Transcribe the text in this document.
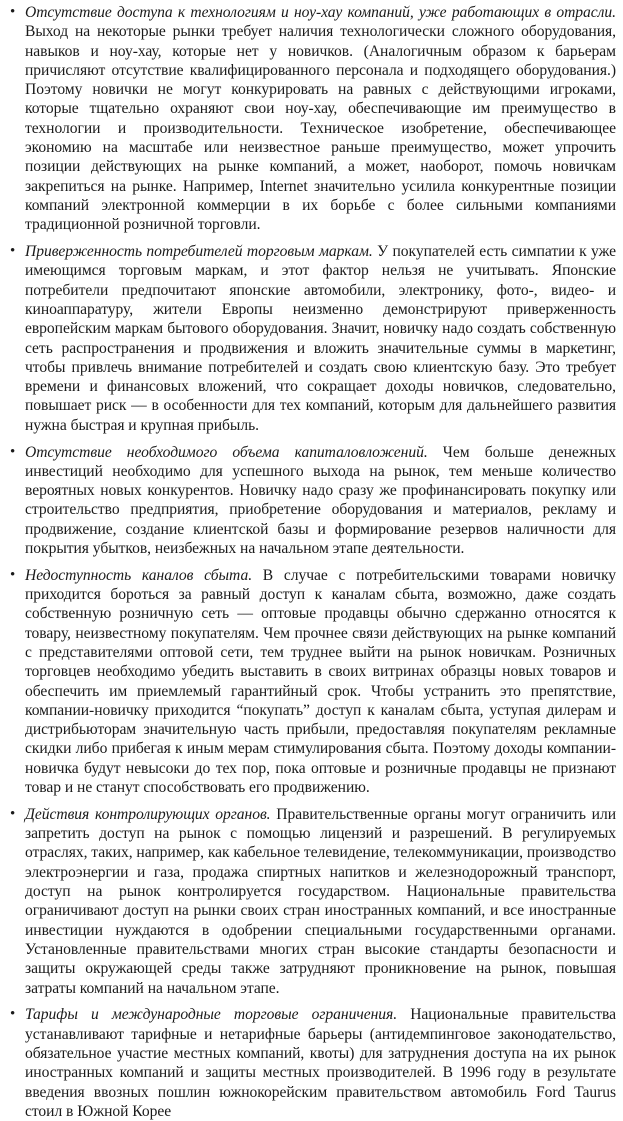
• Отсутствие доступа к технологиям и ноу-хау компаний, уже работающих в отрасли. Выход на некоторые рынки требует наличия технологически сложного оборудования, навыков и ноу-хау, которые нет у новичков. (Аналогичным образом к барьерам причисляют отсутствие квалифицированного персонала и подходящего оборудования.) Поэтому новички не могут конкурировать на равных с действующими игроками, которые тщательно охраняют свои ноу-хау, обеспечивающие им преимущество в технологии и производительности. Техническое изобретение, обеспечивающее экономию на масштабе или неизвестное раньше преимущество, может упрочить позиции действующих на рынке компаний, а может, наоборот, помочь новичкам закрепиться на рынке. Например, Internet значительно усилила конкурентные позиции компаний электронной коммерции в их борьбе с более сильными компаниями традиционной розничной торговли.
• Приверженность потребителей торговым маркам. У покупателей есть симпатии к уже имеющимся торговым маркам, и этот фактор нельзя не учитывать. Японские потребители предпочитают японские автомобили, электронику, фото-, видео- и киноаппаратуру, жители Европы неизменно демонстрируют приверженность европейским маркам бытового оборудования. Значит, новичку надо создать собственную сеть распространения и продвижения и вложить значительные суммы в маркетинг, чтобы привлечь внимание потребителей и создать свою клиентскую базу. Это требует времени и финансовых вложений, что сокращает доходы новичков, следовательно, повышает риск — в особенности для тех компаний, которым для дальнейшего развития нужна быстрая и крупная прибыль.
• Отсутствие необходимого объема капиталовложений. Чем больше денежных инвестиций необходимо для успешного выхода на рынок, тем меньше количество вероятных новых конкурентов. Новичку надо сразу же профинансировать покупку или строительство предприятия, приобретение оборудования и материалов, рекламу и продвижение, создание клиентской базы и формирование резервов наличности для покрытия убытков, неизбежных на начальном этапе деятельности.
• Недоступность каналов сбыта. В случае с потребительскими товарами новичку приходится бороться за равный доступ к каналам сбыта, возможно, даже создать собственную розничную сеть — оптовые продавцы обычно сдержанно относятся к товару, неизвестному покупателям. Чем прочнее связи действующих на рынке компаний с представителями оптовой сети, тем труднее выйти на рынок новичкам. Розничных торговцев необходимо убедить выставить в своих витринах образцы новых товаров и обеспечить им приемлемый гарантийный срок. Чтобы устранить это препятствие, компании-новичку приходится “покупать” доступ к каналам сбыта, уступая дилерам и дистрибьюторам значительную часть прибыли, предоставляя покупателям рекламные скидки либо прибегая к иным мерам стимулирования сбыта. Поэтому доходы компании-новичка будут невысоки до тех пор, пока оптовые и розничные продавцы не признают товар и не станут способствовать его продвижению.
• Действия контролирующих органов. Правительственные органы могут ограничить или запретить доступ на рынок с помощью лицензий и разрешений. В регулируемых отраслях, таких, например, как кабельное телевидение, телекоммуникации, производство электроэнергии и газа, продажа спиртных напитков и железнодорожный транспорт, доступ на рынок контролируется государством. Национальные правительства ограничивают доступ на рынки своих стран иностранных компаний, и все иностранные инвестиции нуждаются в одобрении специальными государственными органами. Установленные правительствами многих стран высокие стандарты безопасности и защиты окружающей среды также затрудняют проникновение на рынок, повышая затраты компаний на начальном этапе.
• Тарифы и международные торговые ограничения. Национальные правительства устанавливают тарифные и нетарифные барьеры (антидемпинговое законодательство, обязательное участие местных компаний, квоты) для затруднения доступа на их рынок иностранных компаний и защиты местных производителей. В 1996 году в результате введения ввозных пошлин южнокорейским правительством автомобиль Ford Taurus стоил в Южной Корее
